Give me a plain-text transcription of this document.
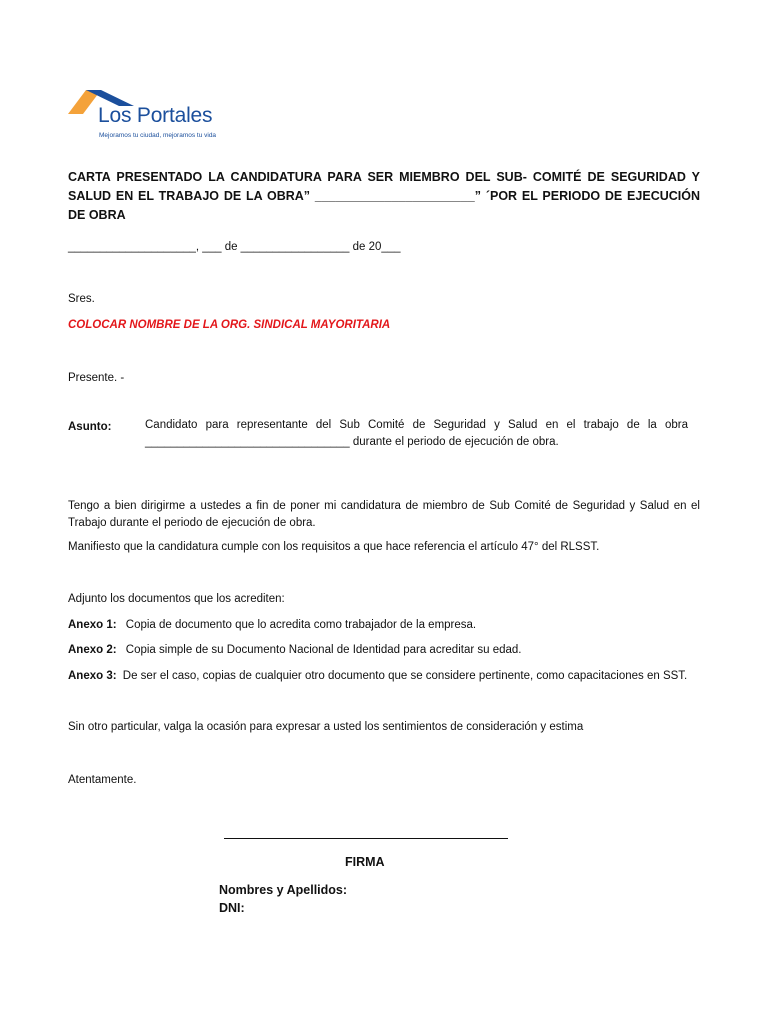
Los Portales
Mejoramos tu ciudad, mejoramos tu vida
CARTA PRESENTADO LA CANDIDATURA PARA SER MIEMBRO DEL SUB- COMITÉ DE SEGURIDAD Y SALUD EN EL TRABAJO DE LA OBRA” _______________________” ´POR EL PERIODO DE EJECUCIÓN DE OBRA
____________________, ___ de _________________ de 20___
Sres.
COLOCAR NOMBRE DE LA ORG. SINDICAL MAYORITARIA
Presente. -
Asunto:	Candidato para representante del Sub Comité de Seguridad y Salud en el trabajo de la obra
________________________________ durante el periodo de ejecución de obra.
Tengo a bien dirigirme a ustedes a fin de poner mi candidatura de miembro de Sub Comité de Seguridad y Salud en el Trabajo durante el periodo de ejecución de obra.
Manifiesto que la candidatura cumple con los requisitos a que hace referencia el artículo 47° del RLSST.
Adjunto los documentos que los acrediten:
Anexo 1: Copia de documento que lo acredita como trabajador de la empresa.
Anexo 2: Copia simple de su Documento Nacional de Identidad para acreditar su edad.
Anexo 3: De ser el caso, copias de cualquier otro documento que se considere pertinente, como capacitaciones en SST.
Sin otro particular, valga la ocasión para expresar a usted los sentimientos de consideración y estima
Atentamente.
FIRMA
Nombres y Apellidos:
DNI:
